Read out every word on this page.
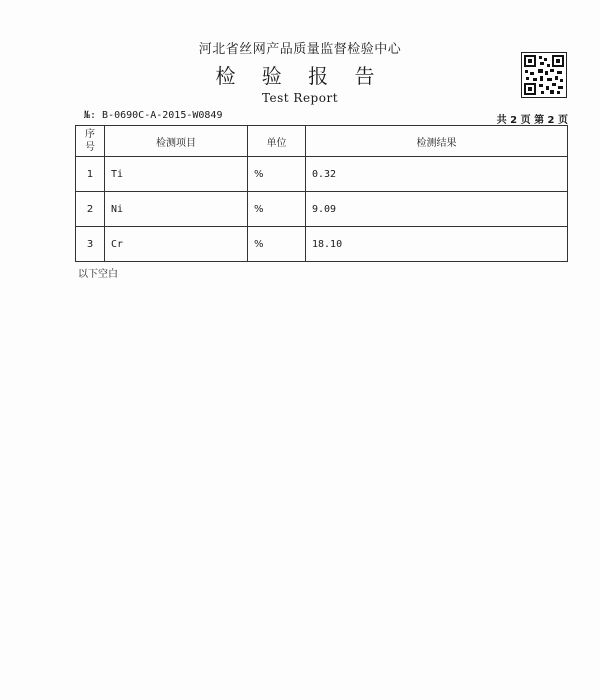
河北省丝网产品质量监督检验中心
检 验 报 告
Test Report
№: B-0690C-A-2015-W0849	共 2 页 第 2 页
序号	检测项目	单位	检测结果
1	Ti	%	0.32
2	Ni	%	9.09
3	Cr	%	18.10
以下空白
